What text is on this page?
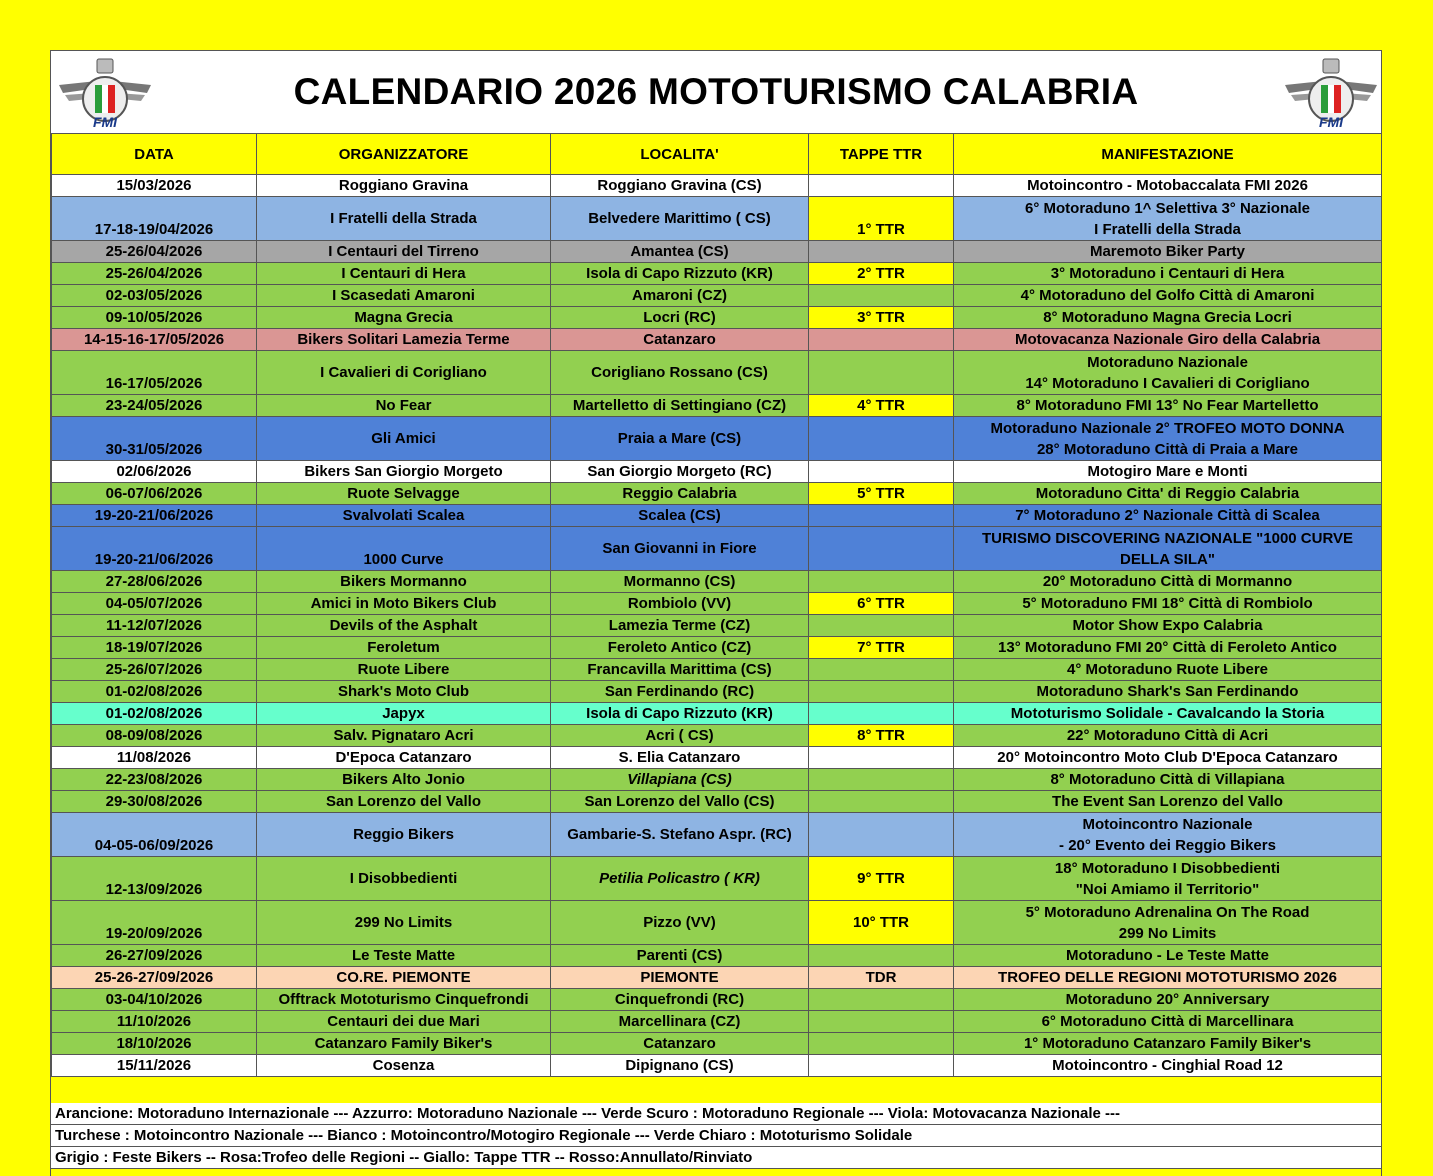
FMI
CALENDARIO 2026 MOTOTURISMO CALABRIA
FMI
DATA	ORGANIZZATORE	LOCALITA'	TAPPE TTR	MANIFESTAZIONE
15/03/2026	Roggiano Gravina	Roggiano Gravina (CS)		Motoincontro - Motobaccalata FMI 2026

17-18-19/04/2026	I Fratelli della Strada	Belvedere Marittimo ( CS)	1° TTR	6° Motoraduno 1^ Selettiva 3° Nazionale
I Fratelli della Strada

25-26/04/2026	I Centauri del Tirreno	Amantea (CS)		Maremoto Biker Party

25-26/04/2026	I Centauri di Hera	Isola di Capo Rizzuto (KR)	2° TTR	3° Motoraduno i Centauri di Hera

02-03/05/2026	I Scasedati Amaroni	Amaroni (CZ)		4° Motoraduno del Golfo Città di Amaroni

09-10/05/2026	Magna Grecia	Locri (RC)	3° TTR	8° Motoraduno Magna Grecia Locri

14-15-16-17/05/2026	Bikers Solitari Lamezia Terme	Catanzaro		Motovacanza Nazionale Giro della Calabria

16-17/05/2026	I Cavalieri di Corigliano	Corigliano Rossano (CS)		Motoraduno Nazionale
14° Motoraduno I Cavalieri di Corigliano

23-24/05/2026	No Fear	Martelletto di Settingiano (CZ)	4° TTR	8° Motoraduno FMI 13° No Fear Martelletto

30-31/05/2026	Gli Amici	Praia a Mare (CS)		Motoraduno Nazionale 2° TROFEO MOTO DONNA
28° Motoraduno Città di Praia a Mare

02/06/2026	Bikers San Giorgio Morgeto	San Giorgio Morgeto (RC)		Motogiro Mare e Monti

06-07/06/2026	Ruote Selvagge	Reggio Calabria	5° TTR	Motoraduno Citta' di Reggio Calabria

19-20-21/06/2026	Svalvolati Scalea	Scalea (CS)		7° Motoraduno 2° Nazionale Città di Scalea

19-20-21/06/2026	1000 Curve	San Giovanni in Fiore		TURISMO DISCOVERING NAZIONALE "1000 CURVE
DELLA SILA"

27-28/06/2026	Bikers Mormanno	Mormanno (CS)		20° Motoraduno Città di Mormanno

04-05/07/2026	Amici in Moto Bikers Club	Rombiolo (VV)	6° TTR	5° Motoraduno FMI 18° Città di Rombiolo

11-12/07/2026	Devils of the Asphalt	Lamezia Terme (CZ)		Motor Show Expo Calabria

18-19/07/2026	Feroletum	Feroleto Antico (CZ)	7° TTR	13° Motoraduno FMI 20° Città di Feroleto Antico

25-26/07/2026	Ruote Libere	Francavilla Marittima (CS)		4° Motoraduno Ruote Libere

01-02/08/2026	Shark's Moto Club	San Ferdinando (RC)		Motoraduno Shark's San Ferdinando

01-02/08/2026	Japyx	Isola di Capo Rizzuto (KR)		Mototurismo Solidale - Cavalcando la Storia

08-09/08/2026	Salv. Pignataro Acri	Acri ( CS)	8° TTR	22° Motoraduno Città di Acri

11/08/2026	D'Epoca Catanzaro	S. Elia Catanzaro		20° Motoincontro Moto Club D'Epoca Catanzaro

22-23/08/2026	Bikers Alto Jonio	Villapiana (CS)		8° Motoraduno Città di Villapiana

29-30/08/2026	San Lorenzo del Vallo	San Lorenzo del Vallo (CS)		The Event San Lorenzo del Vallo

04-05-06/09/2026	Reggio Bikers	Gambarie-S. Stefano Aspr. (RC)		Motoincontro Nazionale
- 20° Evento dei Reggio Bikers

12-13/09/2026	I Disobbedienti	Petilia Policastro ( KR)	9° TTR	18° Motoraduno I Disobbedienti
"Noi Amiamo il Territorio"

19-20/09/2026	299 No Limits	Pizzo (VV)	10° TTR	5° Motoraduno Adrenalina On The Road
299 No Limits

26-27/09/2026	Le Teste Matte	Parenti (CS)		Motoraduno - Le Teste Matte

25-26-27/09/2026	CO.RE. PIEMONTE	PIEMONTE	TDR	TROFEO DELLE REGIONI MOTOTURISMO 2026

03-04/10/2026	Offtrack Mototurismo Cinquefrondi	Cinquefrondi (RC)		Motoraduno 20° Anniversary

11/10/2026	Centauri dei due Mari	Marcellinara (CZ)		6° Motoraduno Città di Marcellinara

18/10/2026	Catanzaro Family Biker's	Catanzaro		1° Motoraduno Catanzaro Family Biker's

15/11/2026	Cosenza	Dipignano (CS)		Motoincontro - Cinghial Road 12
Arancione: Motoraduno Internazionale --- Azzurro: Motoraduno Nazionale --- Verde Scuro : Motoraduno Regionale --- Viola: Motovacanza Nazionale ---
Turchese : Motoincontro Nazionale --- Bianco : Motoincontro/Motogiro Regionale --- Verde Chiaro : Mototurismo Solidale
Grigio : Feste Bikers -- Rosa:Trofeo delle Regioni -- Giallo: Tappe TTR -- Rosso:Annullato/Rinviato
